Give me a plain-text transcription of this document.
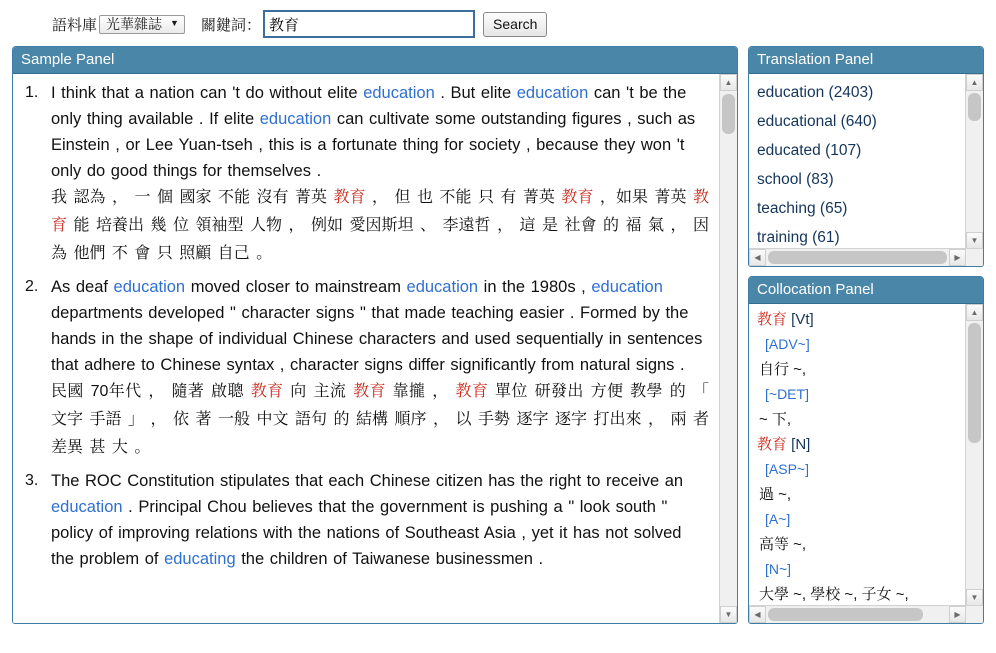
語料庫 光華雜誌 ▼ 關鍵詞：
教育	Search
Sample Panel
1. I think that a nation can 't do without elite education . But elite education can 't be the only thing available . If elite education can cultivate some outstanding figures , such as Einstein , or Lee Yuan-tseh , this is a fortunate thing for society , because they won 't only do good things for themselves .
我 認為 ， 一 個 國家 不能 沒有 菁英 教育 ， 但 也 不能 只 有 菁英 教育 ，如果 菁英 教育 能 培養出 幾 位 領袖型 人物 ， 例如 愛因斯坦 、 李遠哲 ， 這 是 社會 的 福 氣 ， 因為 他們 不 會 只 照顧 自己 。
2. As deaf education moved closer to mainstream education in the 1980s , education departments developed " character signs " that made teaching easier . Formed by the hands in the shape of individual Chinese characters and used sequentially in sentences that adhere to Chinese syntax , character signs differ significantly from natural signs .
民國 70年代 ， 隨著 啟聰 教育 向 主流 教育 靠攏 ， 教育 單位 研發出 方便 教學 的 「 文字 手語 」 ， 依 著 一般 中文 語句 的 結構 順序 ， 以 手勢 逐字 逐字 打出來 ， 兩 者 差異 甚 大 。
3. The ROC Constitution stipulates that each Chinese citizen has the right to receive an education . Principal Chou believes that the government is pushing a " look south " policy of improving relations with the nations of Southeast Asia , yet it has not solved the problem of educating the children of Taiwanese businessmen .
▲
▼
Translation Panel
education (2403)
educational (640)
educated (107)
school (83)
teaching (65)
training (61)
▲
▼
◀	▶
Collocation Panel
教育 [Vt]
[ADV~]
自行 ~,
[~DET]
~ 下,
教育 [N]
[ASP~]
過 ~,
[A~]
高等 ~,
[N~]
大學 ~, 學校 ~, 子女 ~,
▲
▼
◀	▶
